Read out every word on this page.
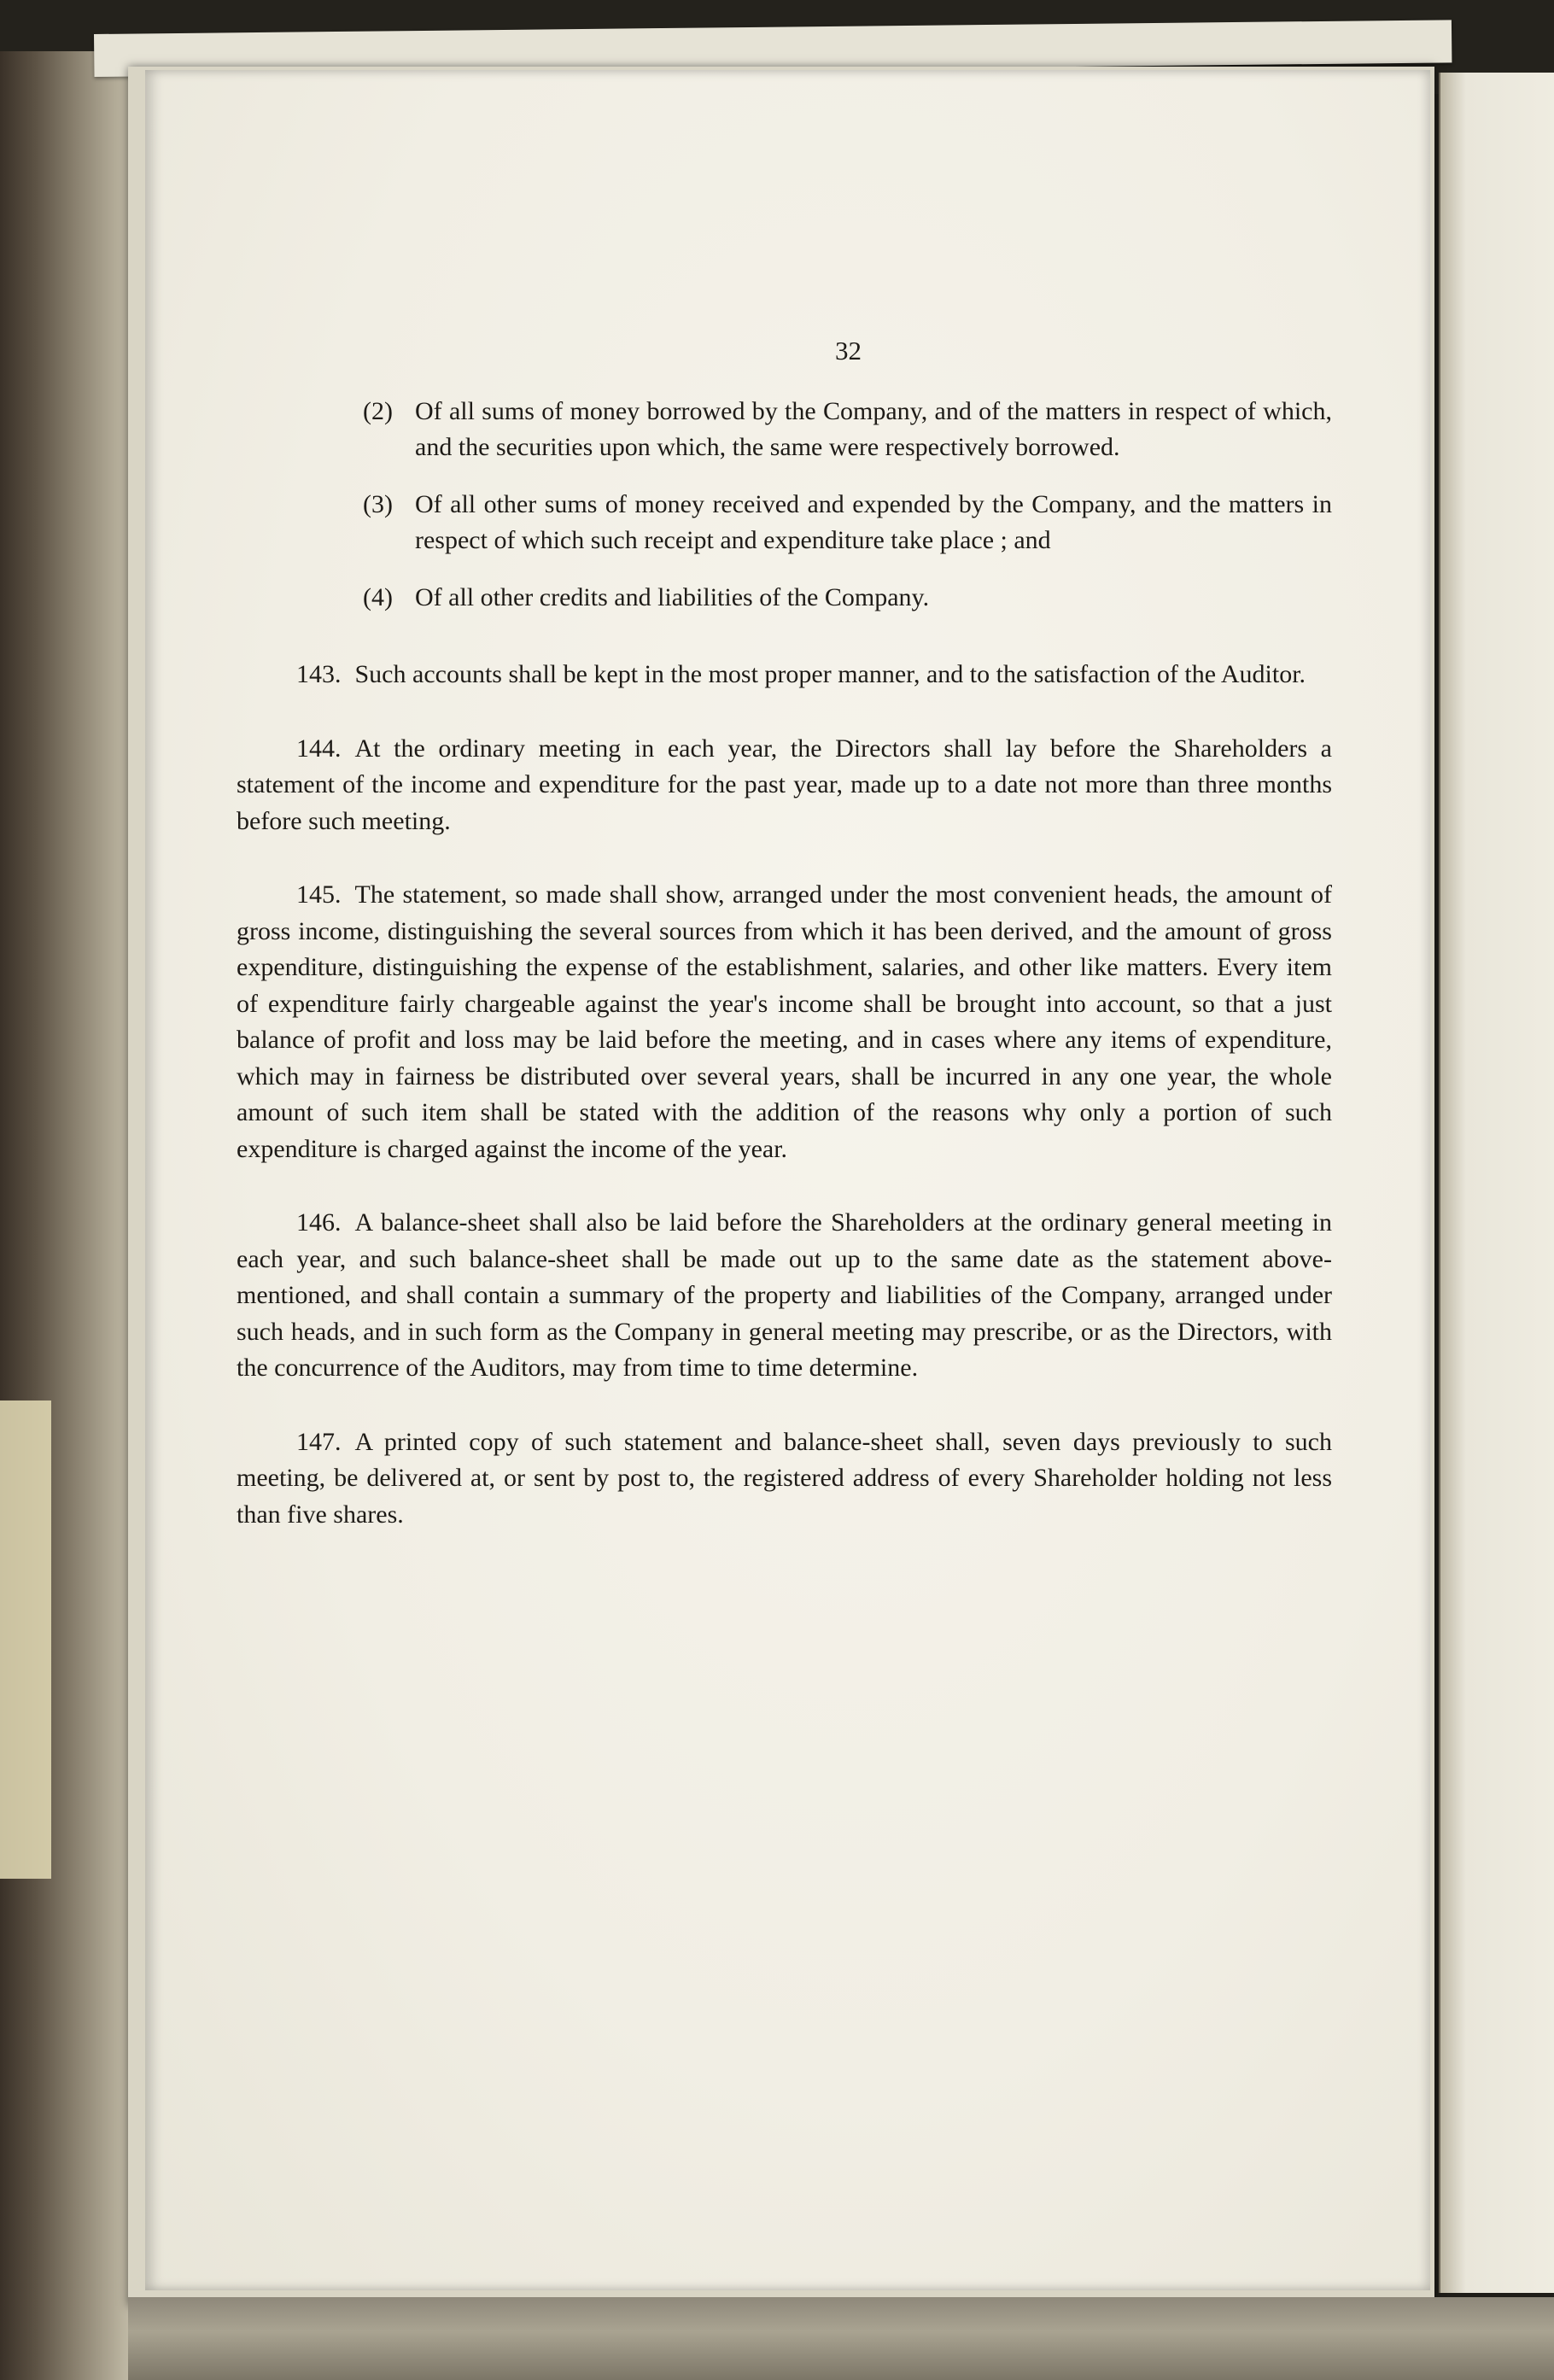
32
(2) Of all sums of money borrowed by the Company, and of the matters in respect of which, and the securities upon which, the same were respectively borrowed.
(3) Of all other sums of money received and expended by the Company, and the matters in respect of which such receipt and expenditure take place ; and
(4) Of all other credits and liabilities of the Company.

143. Such accounts shall be kept in the most proper manner, and to the satisfaction of the Auditor.

144. At the ordinary meeting in each year, the Directors shall lay before the Shareholders a statement of the income and expenditure for the past year, made up to a date not more than three months before such meeting.

145. The statement, so made shall show, arranged under the most convenient heads, the amount of gross income, distinguishing the several sources from which it has been derived, and the amount of gross expenditure, distinguishing the expense of the establishment, salaries, and other like matters. Every item of expenditure fairly chargeable against the year's income shall be brought into account, so that a just balance of profit and loss may be laid before the meeting, and in cases where any items of expenditure, which may in fairness be distributed over several years, shall be incurred in any one year, the whole amount of such item shall be stated with the addition of the reasons why only a portion of such expenditure is charged against the income of the year.

146. A balance-sheet shall also be laid before the Shareholders at the ordinary general meeting in each year, and such balance-sheet shall be made out up to the same date as the statement above-mentioned, and shall contain a summary of the property and liabilities of the Company, arranged under such heads, and in such form as the Company in general meeting may prescribe, or as the Directors, with the concurrence of the Auditors, may from time to time determine.

147. A printed copy of such statement and balance-sheet shall, seven days previously to such meeting, be delivered at, or sent by post to, the registered address of every Shareholder holding not less than five shares.
